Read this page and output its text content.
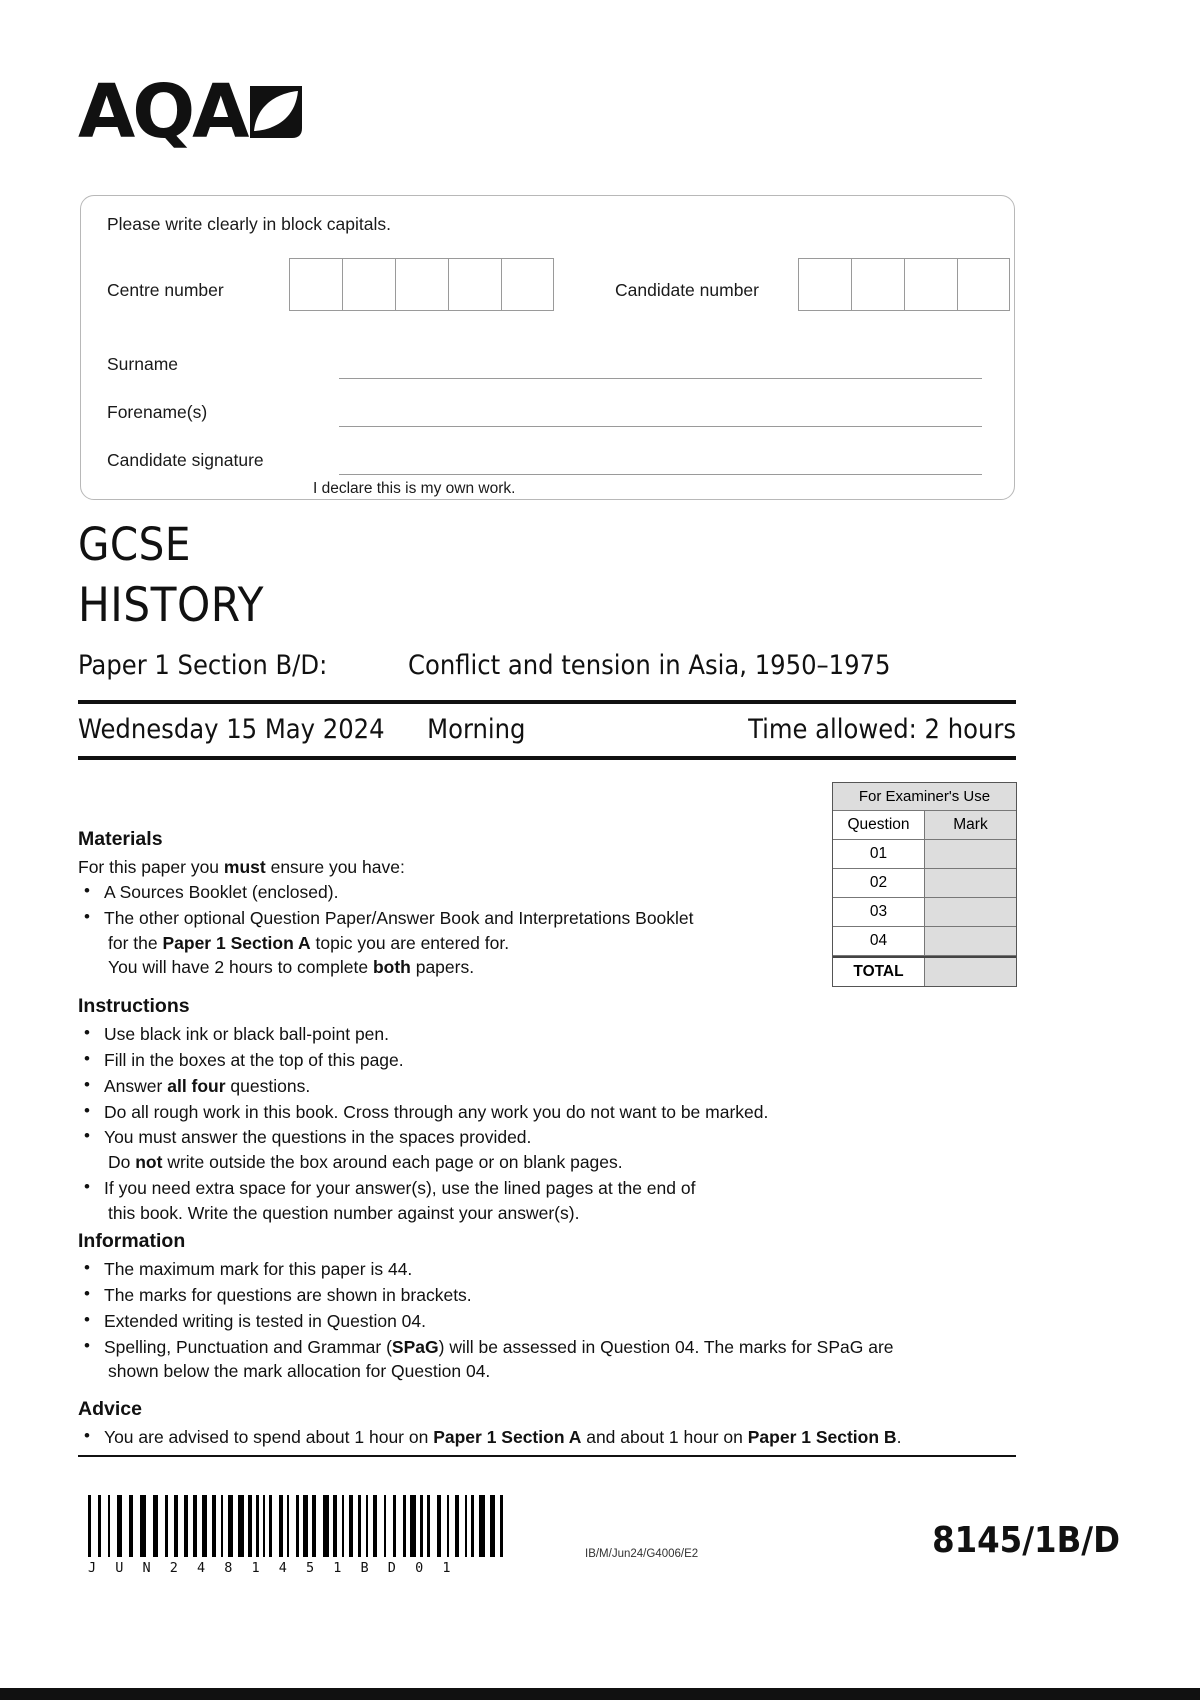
AQA
Please write clearly in block capitals.
Centre number	Candidate number
Surname
Forename(s)
Candidate signature
I declare this is my own work.
GCSE
HISTORY
Paper 1 Section B/D:	Conflict and tension in Asia, 1950–1975
Wednesday 15 May 2024 Morning	Time allowed: 2 hours
Materials
For this paper you must ensure you have:
• A Sources Booklet (enclosed).
• The other optional Question Paper/Answer Book and Interpretations Booklet
for the Paper 1 Section A topic you are entered for.
You will have 2 hours to complete both papers.
For Examiner's Use
Question	Mark
01
02
03
04
TOTAL
Instructions
• Use black ink or black ball-point pen.
• Fill in the boxes at the top of this page.
• Answer all four questions.
• Do all rough work in this book. Cross through any work you do not want to be marked.
• You must answer the questions in the spaces provided.
Do not write outside the box around each page or on blank pages.
• If you need extra space for your answer(s), use the lined pages at the end of
this book. Write the question number against your answer(s).
Information
• The maximum mark for this paper is 44.
• The marks for questions are shown in brackets.
• Extended writing is tested in Question 04.
• Spelling, Punctuation and Grammar (SPaG) will be assessed in Question 04. The marks for SPaG are
shown below the mark allocation for Question 04.
Advice
• You are advised to spend about 1 hour on Paper 1 Section A and about 1 hour on Paper 1 Section B.
J U N 2 4 8 1 4 5 1 B D 0 1
IB/M/Jun24/G4006/E2	8145/1B/D
